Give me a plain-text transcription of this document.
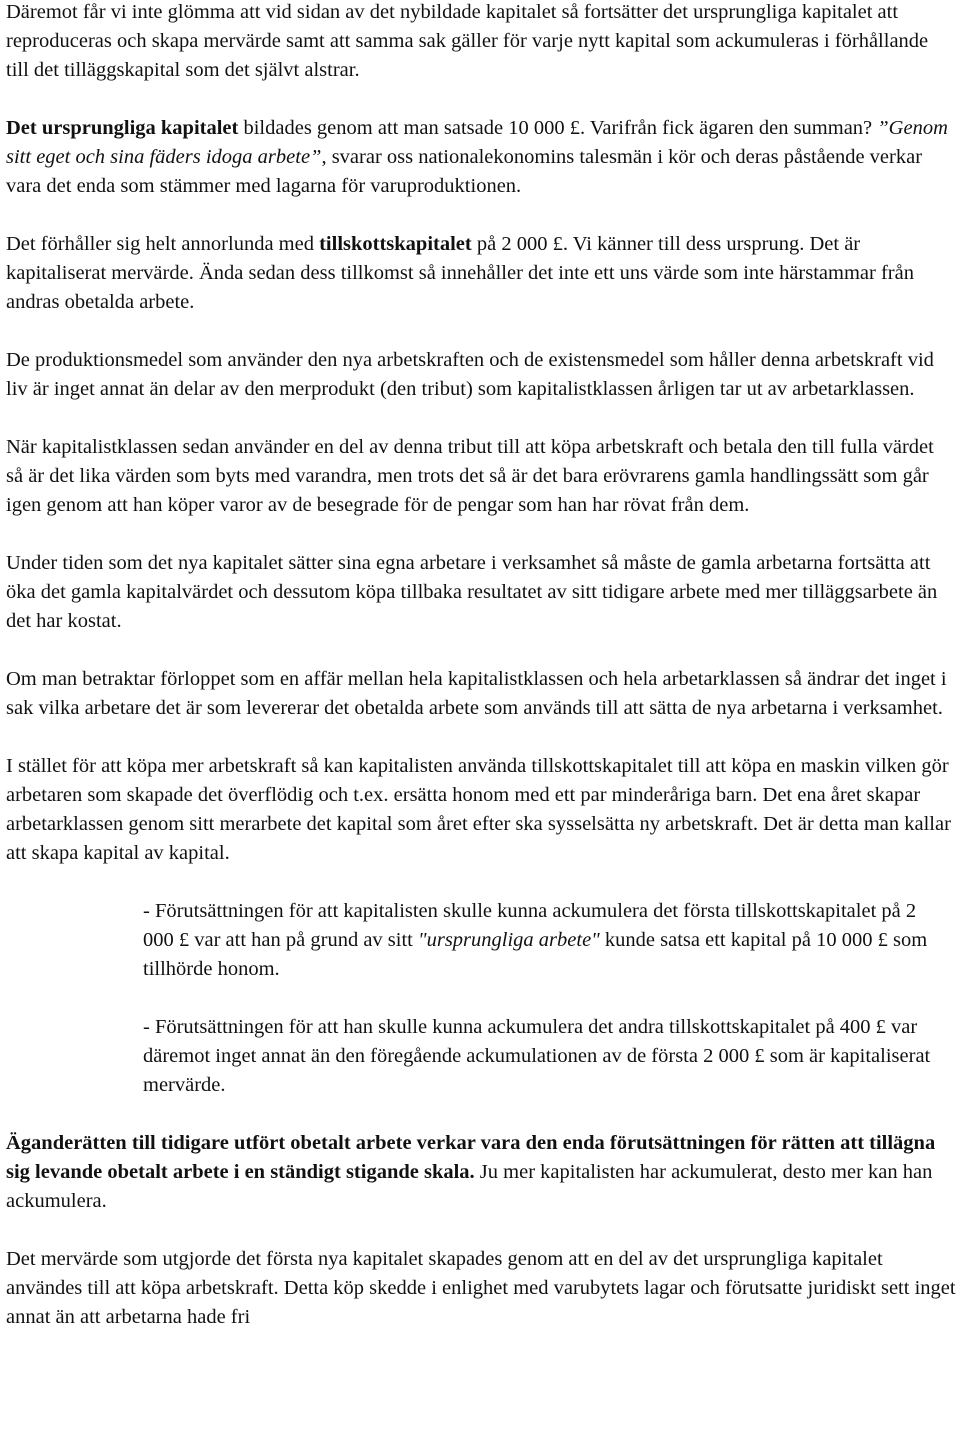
Däremot får vi inte glömma att vid sidan av det nybildade kapitalet så fortsätter det ursprungliga kapitalet att reproduceras och skapa mervärde samt att samma sak gäller för varje nytt kapital som ackumuleras i förhållande till det tilläggskapital som det självt alstrar.

Det ursprungliga kapitalet bildades genom att man satsade 10 000 £. Varifrån fick ägaren den summan? ”Genom sitt eget och sina fäders idoga arbete”, svarar oss nationalekonomins talesmän i kör och deras påstående verkar vara det enda som stämmer med lagarna för varuproduktionen.

Det förhåller sig helt annorlunda med tillskottskapitalet på 2 000 £. Vi känner till dess ursprung. Det är kapitaliserat mervärde. Ända sedan dess tillkomst så innehåller det inte ett uns värde som inte härstammar från andras obetalda arbete.

De produktionsmedel som använder den nya arbetskraften och de existensmedel som håller denna arbetskraft vid liv är inget annat än delar av den merprodukt (den tribut) som kapitalistklassen årligen tar ut av arbetarklassen.

När kapitalistklassen sedan använder en del av denna tribut till att köpa arbetskraft och betala den till fulla värdet så är det lika värden som byts med varandra, men trots det så är det bara erövrarens gamla handlingssätt som går igen genom att han köper varor av de besegrade för de pengar som han har rövat från dem.

Under tiden som det nya kapitalet sätter sina egna arbetare i verksamhet så måste de gamla arbetarna fortsätta att öka det gamla kapitalvärdet och dessutom köpa tillbaka resultatet av sitt tidigare arbete med mer tilläggsarbete än det har kostat.

Om man betraktar förloppet som en affär mellan hela kapitalistklassen och hela arbetarklassen så ändrar det inget i sak vilka arbetare det är som levererar det obetalda arbete som används till att sätta de nya arbetarna i verksamhet.

I stället för att köpa mer arbetskraft så kan kapitalisten använda tillskottskapitalet till att köpa en maskin vilken gör arbetaren som skapade det överflödig och t.ex. ersätta honom med ett par minderåriga barn. Det ena året skapar arbetarklassen genom sitt merarbete det kapital som året efter ska sysselsätta ny arbetskraft. Det är detta man kallar att skapa kapital av kapital.

- Förutsättningen för att kapitalisten skulle kunna ackumulera det första tillskottskapitalet på 2 000 £ var att han på grund av sitt "ursprungliga arbete" kunde satsa ett kapital på 10 000 £ som tillhörde honom.

- Förutsättningen för att han skulle kunna ackumulera det andra tillskottskapitalet på 400 £ var däremot inget annat än den föregående ackumulationen av de första 2 000 £ som är kapitaliserat mervärde.

Äganderätten till tidigare utfört obetalt arbete verkar vara den enda förutsättningen för rätten att tillägna sig levande obetalt arbete i en ständigt stigande skala. Ju mer kapitalisten har ackumulerat, desto mer kan han ackumulera.

Det mervärde som utgjorde det första nya kapitalet skapades genom att en del av det ursprungliga kapitalet användes till att köpa arbetskraft. Detta köp skedde i enlighet med varubytets lagar och förutsatte juridiskt sett inget annat än att arbetarna hade fri
